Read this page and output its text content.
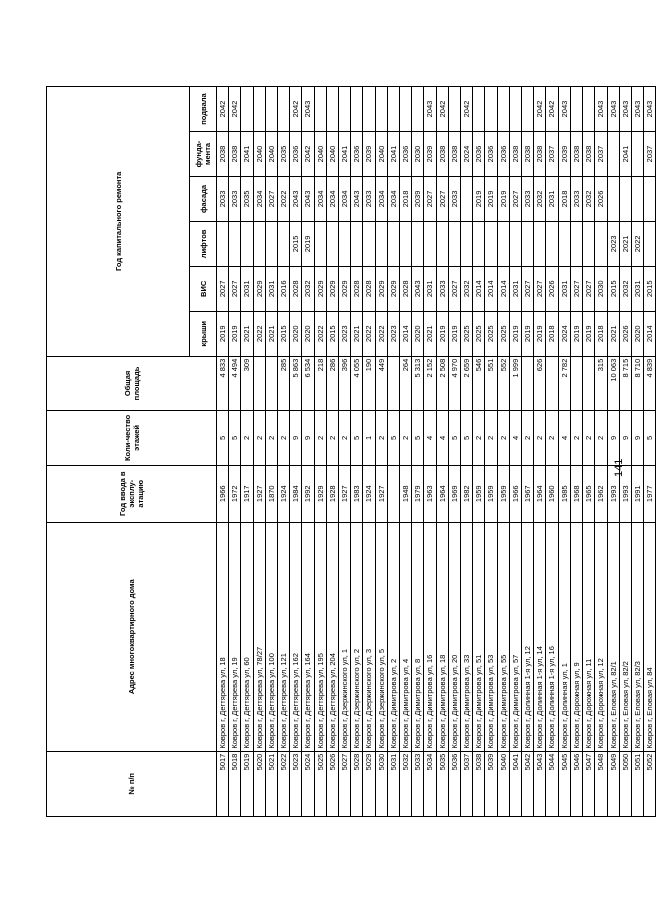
141
№ п/п	Адрес многоквартирного дома	Год ввода в эксплу-атацию	Коли-чество этажей	Общая площадь	Год капитального ремонта					
					крыши	ВИС	лифтов	фасада	фунда-мента	подвала
5017	Ковров г, Дегтярева ул, 18	1966	5	4 833	2019	2027		2033	2038	2042
5018	Ковров г, Дегтярева ул, 19	1972	5	4 494	2019	2027		2033	2038	2042
5019	Ковров г, Дегтярева ул, 60	1917	2	309	2021	2031		2035	2041	
5020	Ковров г, Дегтярева ул, 78/27	1927	2		2022	2029		2034	2040	
5021	Ковров г, Дегтярева ул, 100	1870	2		2021	2031		2027	2040	
5022	Ковров г, Дегтярева ул, 121	1924	2	285	2015	2016		2022	2035	
5023	Ковров г, Дегтярева ул, 162	1984	9	5 863	2020	2028	2015	2043	2036	2042
5024	Ковров г, Дегтярева ул, 164	1992	9	6 534	2020	2032	2019	2043	2042	2043
5025	Ковров г, Дегтярева ул, 195	1929	2	218	2022	2029		2034	2040	
5026	Ковров г, Дегтярева ул, 204	1928	2	286	2015	2029		2034	2040	
5027	Ковров г, Дзержинского ул, 1	1927	2	396	2023	2029		2034	2041	
5028	Ковров г, Дзержинского ул, 2	1983	5	4 055	2021	2028		2043	2036	
5029	Ковров г, Дзержинского ул, 3	1924	1	190	2022	2028		2033	2039	
5030	Ковров г, Дзержинского ул, 5	1927	2	449	2022	2029		2034	2040	
5031	Ковров г, Димитрова ул, 2		5		2023	2029		2034	2041	
5032	Ковров г, Димитрова ул, 4	1948	2	264	2014	2028		2018	2036	
5033	Ковров г, Димитрова ул, 8	1979	5	5 313	2020	2043		2039	2030	
5034	Ковров г, Димитрова ул, 16	1963	4	2 152	2021	2031		2027	2039	2043
5035	Ковров г, Димитрова ул, 18	1964	4	2 508	2019	2033		2027	2038	2042
5036	Ковров г, Димитрова ул, 20	1969	5	4 970	2019	2027		2033	2038	
5037	Ковров г, Димитрова ул, 33	1982	5	2 659	2025	2032			2024	2042
5038	Ковров г, Димитрова ул, 51	1959	2	546	2025	2014		2019	2036	
5039	Ковров г, Димитрова ул, 53	1959	2	551	2025	2014		2019	2036	
5040	Ковров г, Димитрова ул, 55	1959	2	552	2025	2014		2019	2036	
5041	Ковров г, Димитрова ул, 57	1966	4	1 999	2019	2031		2027	2038	
5042	Ковров г, Долинная 1-я ул, 12	1967	2		2019	2027		2033	2038	
5043	Ковров г, Долинная 1-я ул, 14	1964	2	626	2019	2027		2032	2038	2042
5044	Ковров г, Долинная 1-я ул, 16	1960	2		2018	2026		2031	2037	2042
5045	Ковров г, Долинная ул, 1	1985	4	2 782	2024	2031		2018	2039	2043
5046	Ковров г, Дорожная ул, 9	1968	2		2019	2027		2033	2038	
5047	Ковров г, Дорожная ул, 11	1965	2		2019	2027		2032	2038	
5048	Ковров г, Дорожная ул, 12	1962	2	315	2018	2030		2026	2037	2043
5049	Ковров г, Еловая ул, 82/1	1993	9	10 063	2021	2015	2023			2043
5050	Ковров г, Еловая ул, 82/2	1993	9	8 715	2026	2032	2021		2041	2043
5051	Ковров г, Еловая ул, 82/3	1991	9	8 710	2020	2031	2022			2043
5052	Ковров г, Еловая ул, 84	1977	5	4 839	2014	2015			2037	2043
